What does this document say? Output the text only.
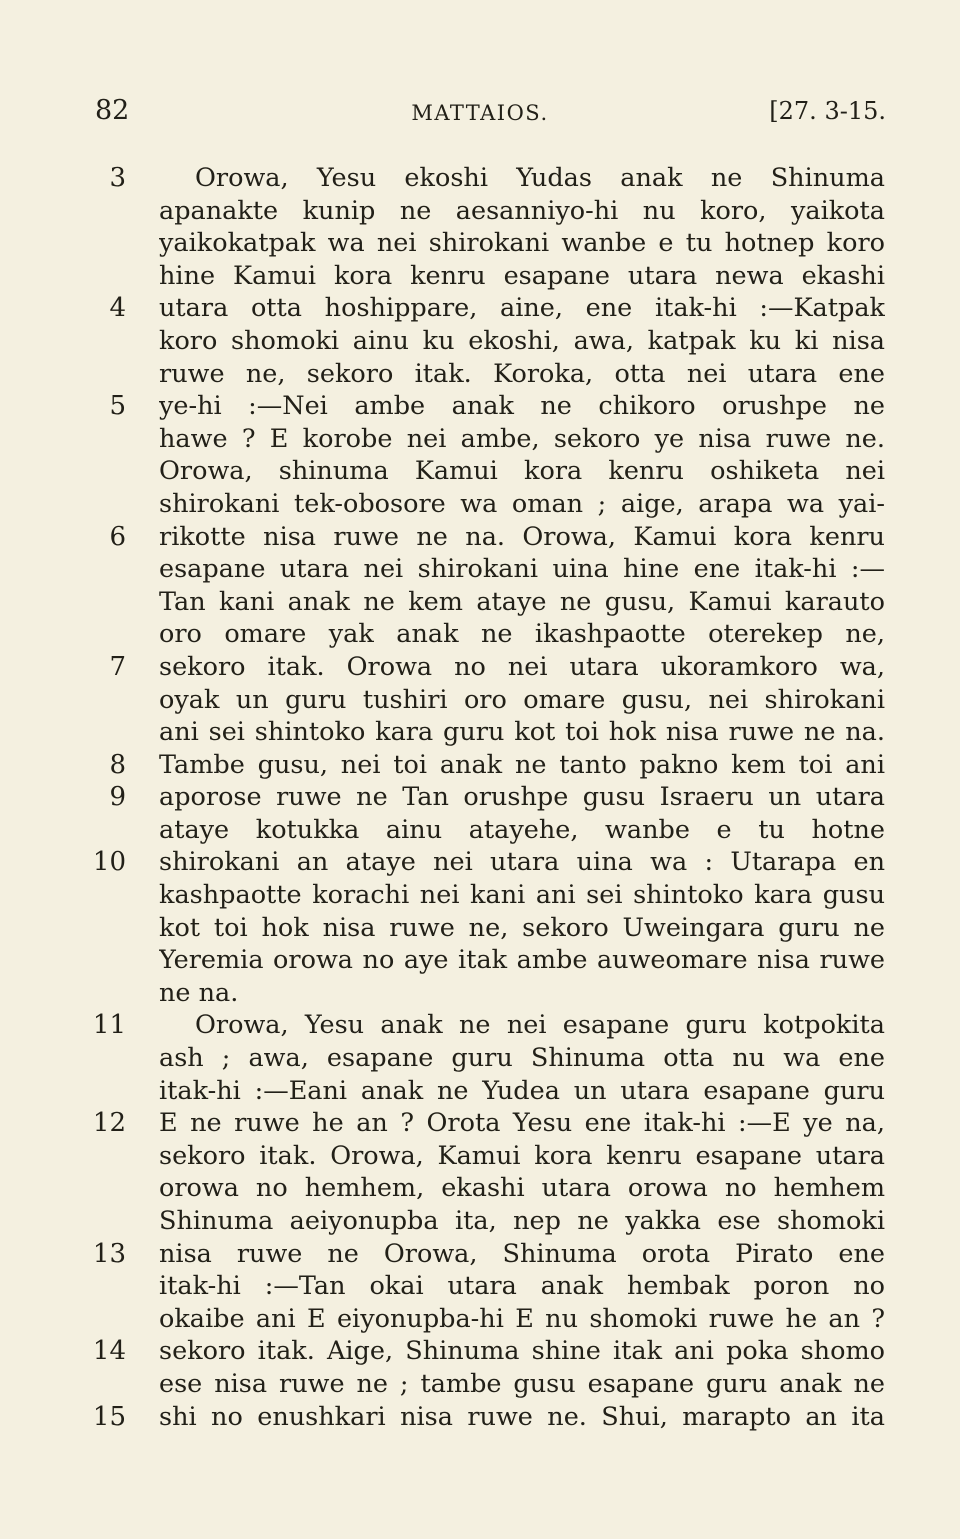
82	MATTAIOS.	[27. 3-15.
3	Orowa, Yesu ekoshi Yudas anak ne Shinuma
apanakte kunip ne aesanniyo-hi nu koro, yaikota
yaikokatpak wa nei shirokani wanbe e tu hotnep koro
hine Kamui kora kenru esapane utara newa ekashi
4 utara otta hoshippare, aine, ene itak-hi :—Katpak
koro shomoki ainu ku ekoshi, awa, katpak ku ki nisa
ruwe ne, sekoro itak. Koroka, otta nei utara ene
5 ye-hi :—Nei ambe anak ne chikoro orushpe ne
hawe ? E korobe nei ambe, sekoro ye nisa ruwe ne.
Orowa, shinuma Kamui kora kenru oshiketa nei
shirokani tek-obosore wa oman ; aige, arapa wa yai-
6 rikotte nisa ruwe ne na. Orowa, Kamui kora kenru
esapane utara nei shirokani uina hine ene itak-hi :—
Tan kani anak ne kem ataye ne gusu, Kamui karauto
oro omare yak anak ne ikashpaotte oterekep ne,
7 sekoro itak. Orowa no nei utara ukoramkoro wa,
oyak un guru tushiri oro omare gusu, nei shirokani
ani sei shintoko kara guru kot toi hok nisa ruwe ne na.
8 Tambe gusu, nei toi anak ne tanto pakno kem toi ani
9 aporose ruwe ne Tan orushpe gusu Israeru un utara
ataye kotukka ainu atayehe, wanbe e tu hotne
10 shirokani an ataye nei utara uina wa : Utarapa en
kashpaotte korachi nei kani ani sei shintoko kara gusu
kot toi hok nisa ruwe ne, sekoro Uweingara guru ne
Yeremia orowa no aye itak ambe auweomare nisa ruwe
ne na.
11	Orowa, Yesu anak ne nei esapane guru kotpokita
ash ; awa, esapane guru Shinuma otta nu wa ene
itak-hi :—Eani anak ne Yudea un utara esapane guru
12 E ne ruwe he an ? Orota Yesu ene itak-hi :—E ye na,
sekoro itak. Orowa, Kamui kora kenru esapane utara
orowa no hemhem, ekashi utara orowa no hemhem
Shinuma aeiyonupba ita, nep ne yakka ese shomoki
13 nisa ruwe ne Orowa, Shinuma orota Pirato ene
itak-hi :—Tan okai utara anak hembak poron no
okaibe ani E eiyonupba-hi E nu shomoki ruwe he an ?
14 sekoro itak. Aige, Shinuma shine itak ani poka shomo
ese nisa ruwe ne ; tambe gusu esapane guru anak ne
15 shi no enushkari nisa ruwe ne. Shui, marapto an ita
